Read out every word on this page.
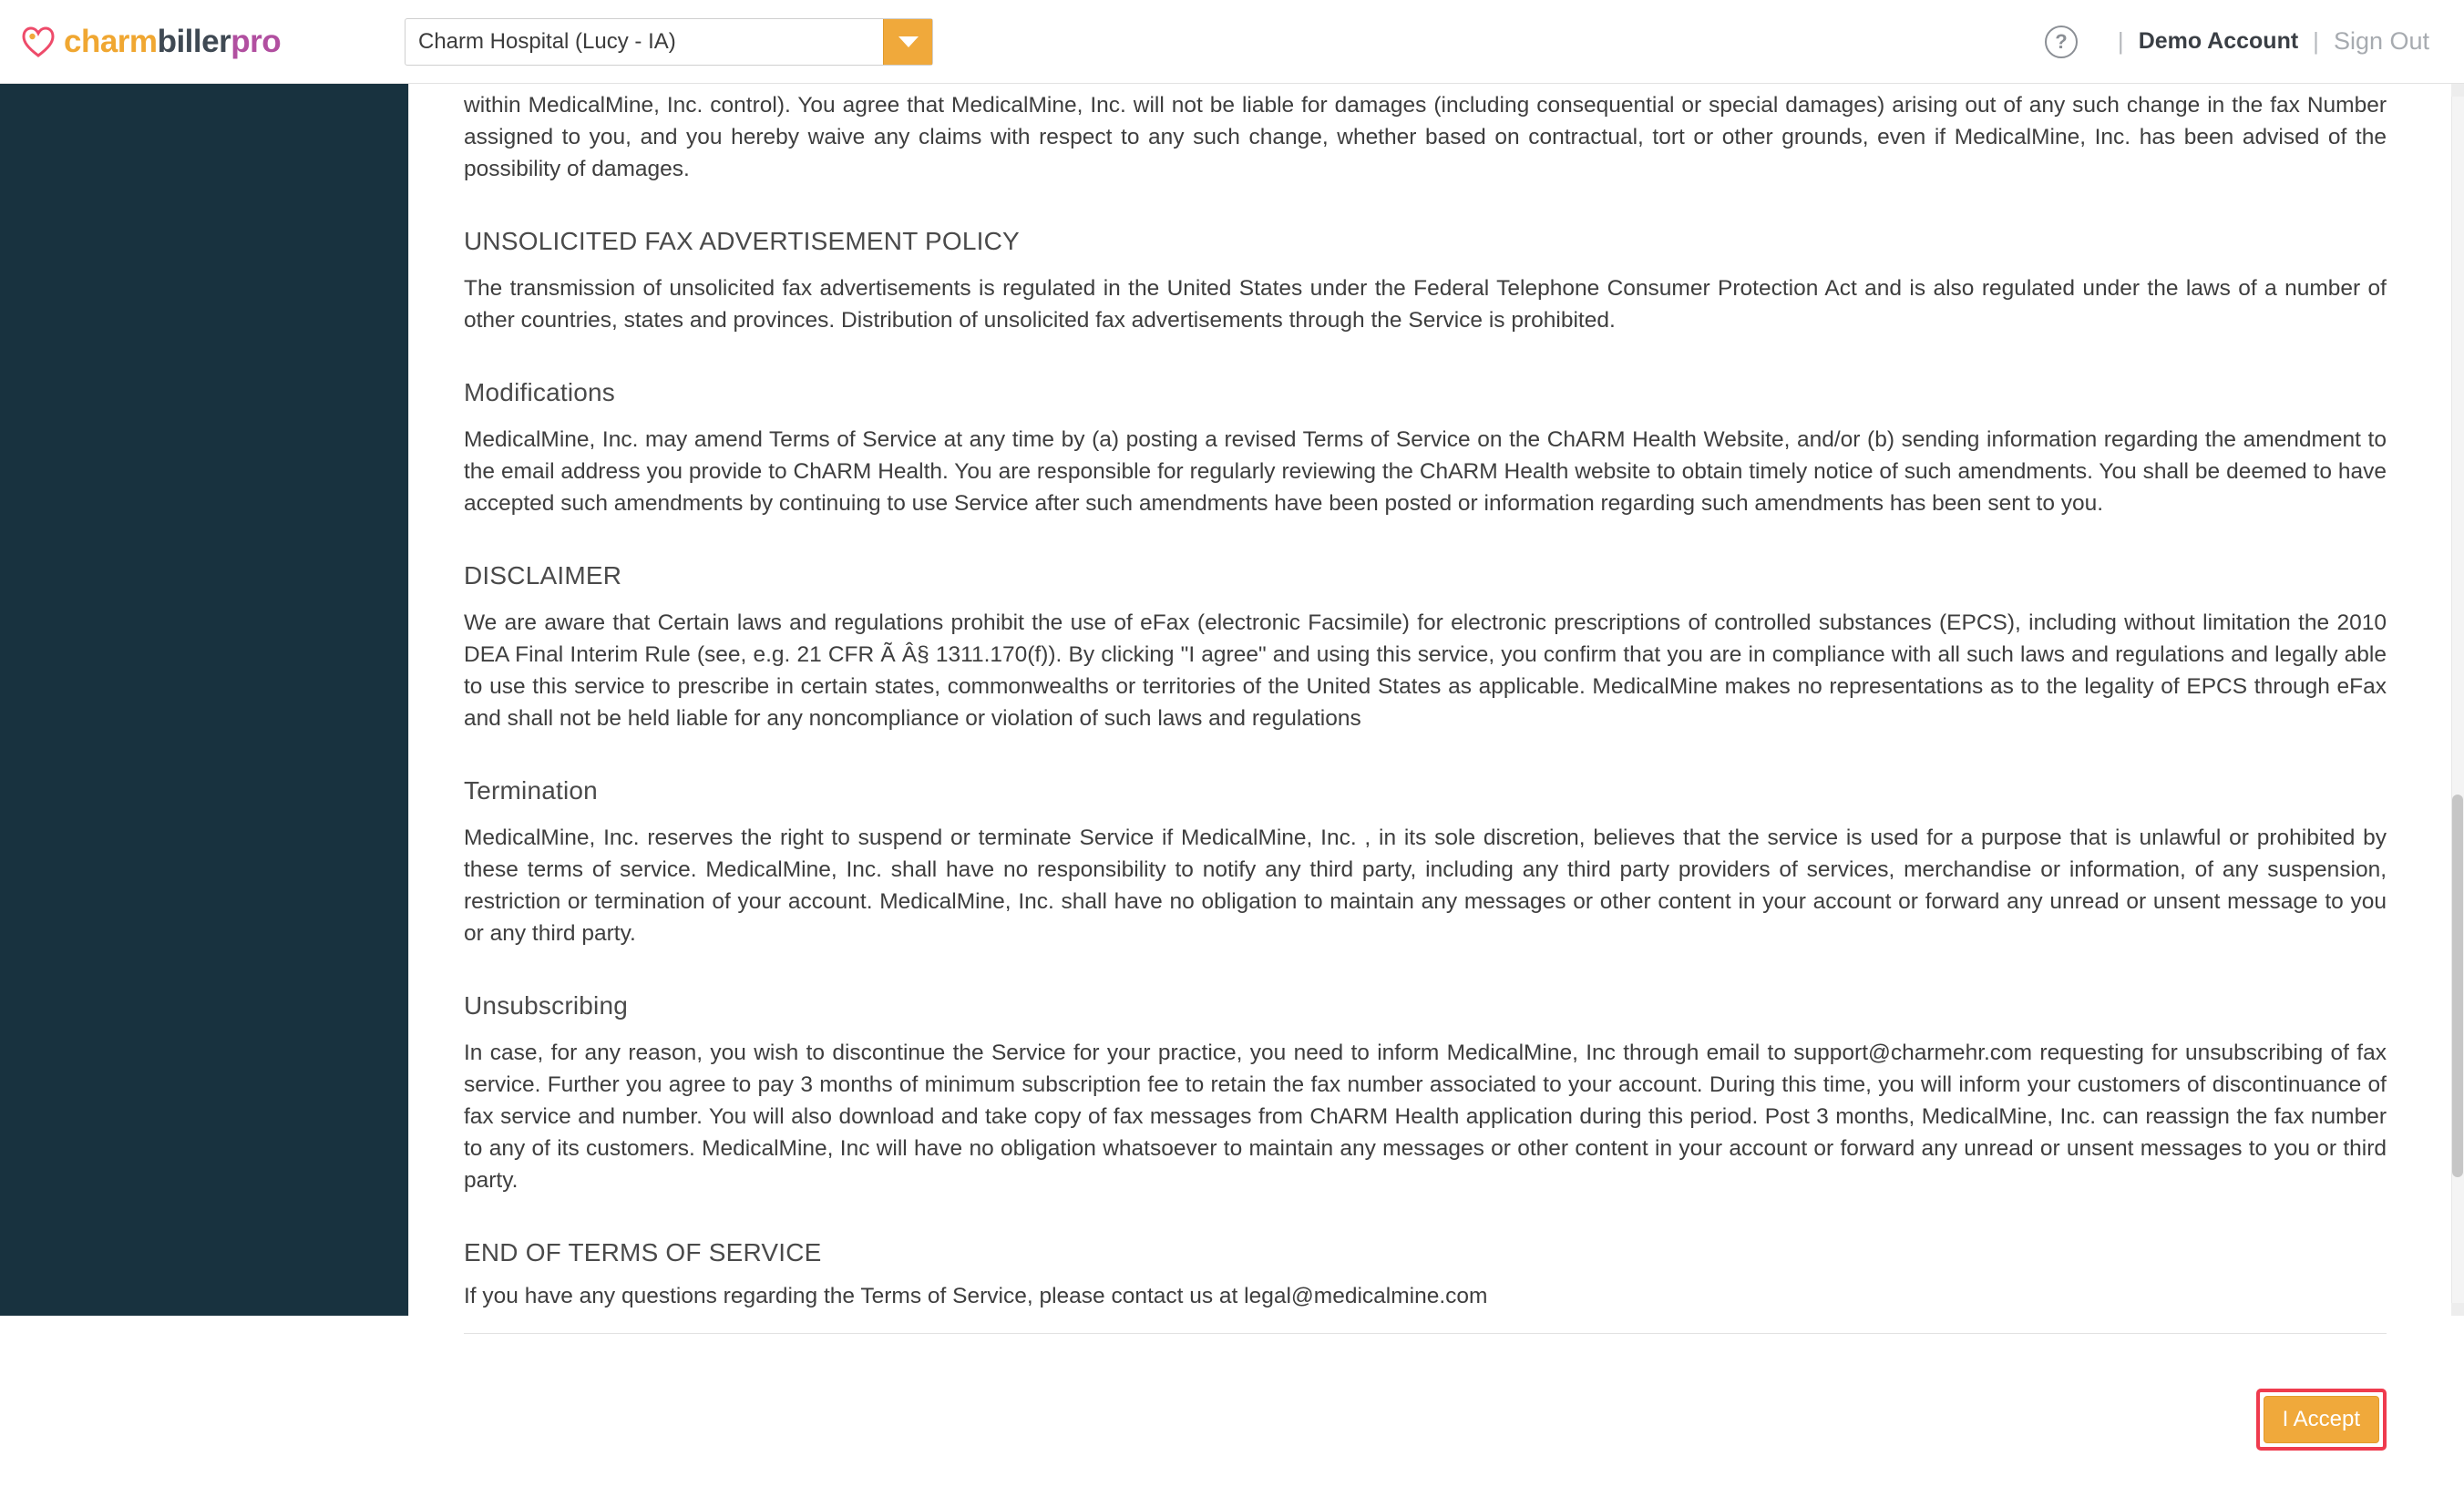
charmbillerpro	Charm Hospital (Lucy - IA)	?	| Demo Account | Sign Out

within MedicalMine, Inc. control). You agree that MedicalMine, Inc. will not be liable for damages (including consequential or special damages) arising out of any such change in the fax Number assigned to you, and you hereby waive any claims with respect to any such change, whether based on contractual, tort or other grounds, even if MedicalMine, Inc. has been advised of the possibility of damages.

UNSOLICITED FAX ADVERTISEMENT POLICY

The transmission of unsolicited fax advertisements is regulated in the United States under the Federal Telephone Consumer Protection Act and is also regulated under the laws of a number of other countries, states and provinces. Distribution of unsolicited fax advertisements through the Service is prohibited.

Modifications

MedicalMine, Inc. may amend Terms of Service at any time by (a) posting a revised Terms of Service on the ChARM Health Website, and/or (b) sending information regarding the amendment to the email address you provide to ChARM Health. You are responsible for regularly reviewing the ChARM Health website to obtain timely notice of such amendments. You shall be deemed to have accepted such amendments by continuing to use Service after such amendments have been posted or information regarding such amendments has been sent to you.

DISCLAIMER

We are aware that Certain laws and regulations prohibit the use of eFax (electronic Facsimile) for electronic prescriptions of controlled substances (EPCS), including without limitation the 2010 DEA Final Interim Rule (see, e.g. 21 CFR Ã Â§ 1311.170(f)). By clicking "I agree" and using this service, you confirm that you are in compliance with all such laws and regulations and legally able to use this service to prescribe in certain states, commonwealths or territories of the United States as applicable. MedicalMine makes no representations as to the legality of EPCS through eFax and shall not be held liable for any noncompliance or violation of such laws and regulations

Termination

MedicalMine, Inc. reserves the right to suspend or terminate Service if MedicalMine, Inc. , in its sole discretion, believes that the service is used for a purpose that is unlawful or prohibited by these terms of service. MedicalMine, Inc. shall have no responsibility to notify any third party, including any third party providers of services, merchandise or information, of any suspension, restriction or termination of your account. MedicalMine, Inc. shall have no obligation to maintain any messages or other content in your account or forward any unread or unsent message to you or any third party.

Unsubscribing

In case, for any reason, you wish to discontinue the Service for your practice, you need to inform MedicalMine, Inc through email to support@charmehr.com requesting for unsubscribing of fax service. Further you agree to pay 3 months of minimum subscription fee to retain the fax number associated to your account. During this time, you will inform your customers of discontinuance of fax service and number. You will also download and take copy of fax messages from ChARM Health application during this period. Post 3 months, MedicalMine, Inc. can reassign the fax number to any of its customers. MedicalMine, Inc will have no obligation whatsoever to maintain any messages or other content in your account or forward any unread or unsent messages to you or third party.

END OF TERMS OF SERVICE

If you have any questions regarding the Terms of Service, please contact us at legal@medicalmine.com

I Accept
